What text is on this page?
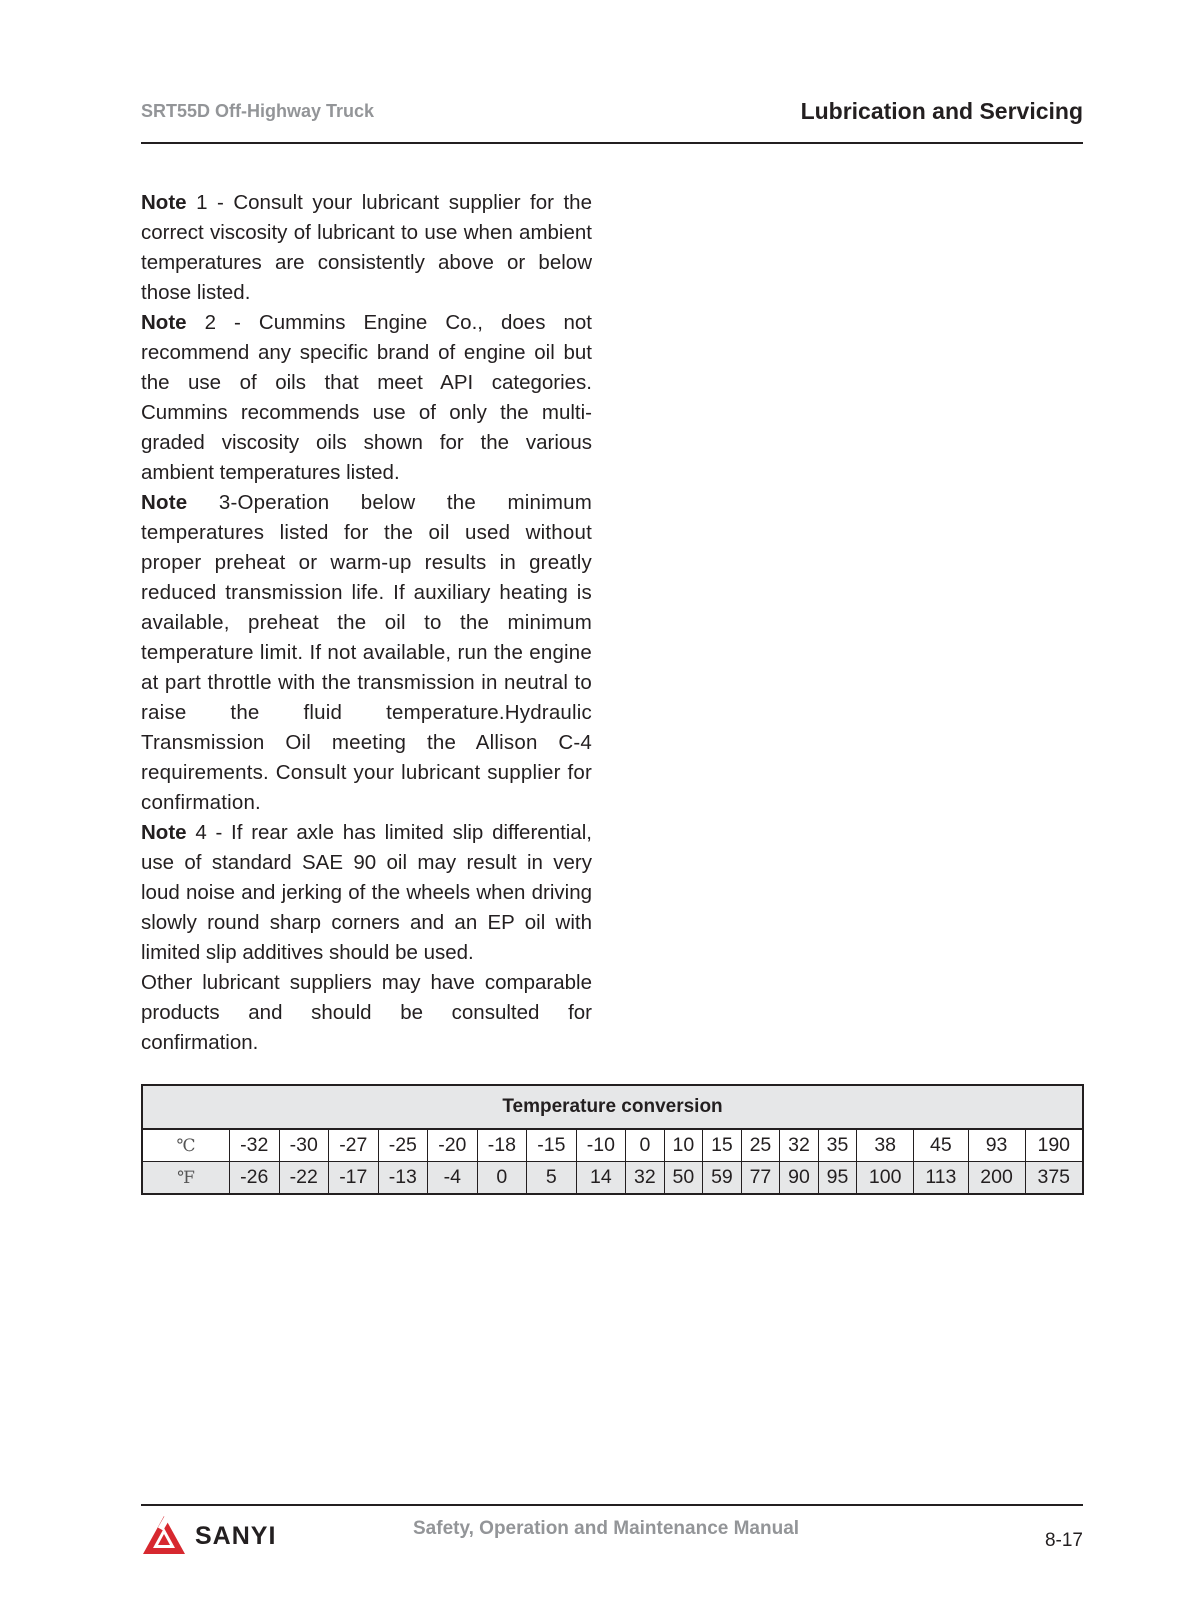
SRT55D Off-Highway Truck	Lubrication and Servicing

Note 1 - Consult your lubricant supplier for the correct viscosity of lubricant to use when ambient temperatures are consistently above or below those listed.

Note 2 - Cummins Engine Co., does not recommend any specific brand of engine oil but the use of oils that meet API categories. Cummins recommends use of only the multi-graded viscosity oils shown for the various ambient temperatures listed.

Note 3-Operation below the minimum temperatures listed for the oil used without proper preheat or warm-up results in greatly reduced transmission life. If auxiliary heating is available, preheat the oil to the minimum temperature limit. If not available, run the engine at part throttle with the transmission in neutral to raise the fluid temperature.Hydraulic Transmission Oil meeting the Allison C-4 requirements. Consult your lubricant supplier for confirmation.

Note 4 - If rear axle has limited slip differential, use of standard SAE 90 oil may result in very loud noise and jerking of the wheels when driving slowly round sharp corners and an EP oil with limited slip additives should be used.

Other lubricant suppliers may have comparable products and should be consulted for confirmation.

Temperature conversion																		
℃	-32	-30	-27	-25	-20	-18	-15	-10	0	10	15	25	32	35	38	45	93	190
℉	-26	-22	-17	-13	-4	0	5	14	32	50	59	77	90	95	100	113	200	375
SANYI	Safety, Operation and Maintenance Manual
8-17
